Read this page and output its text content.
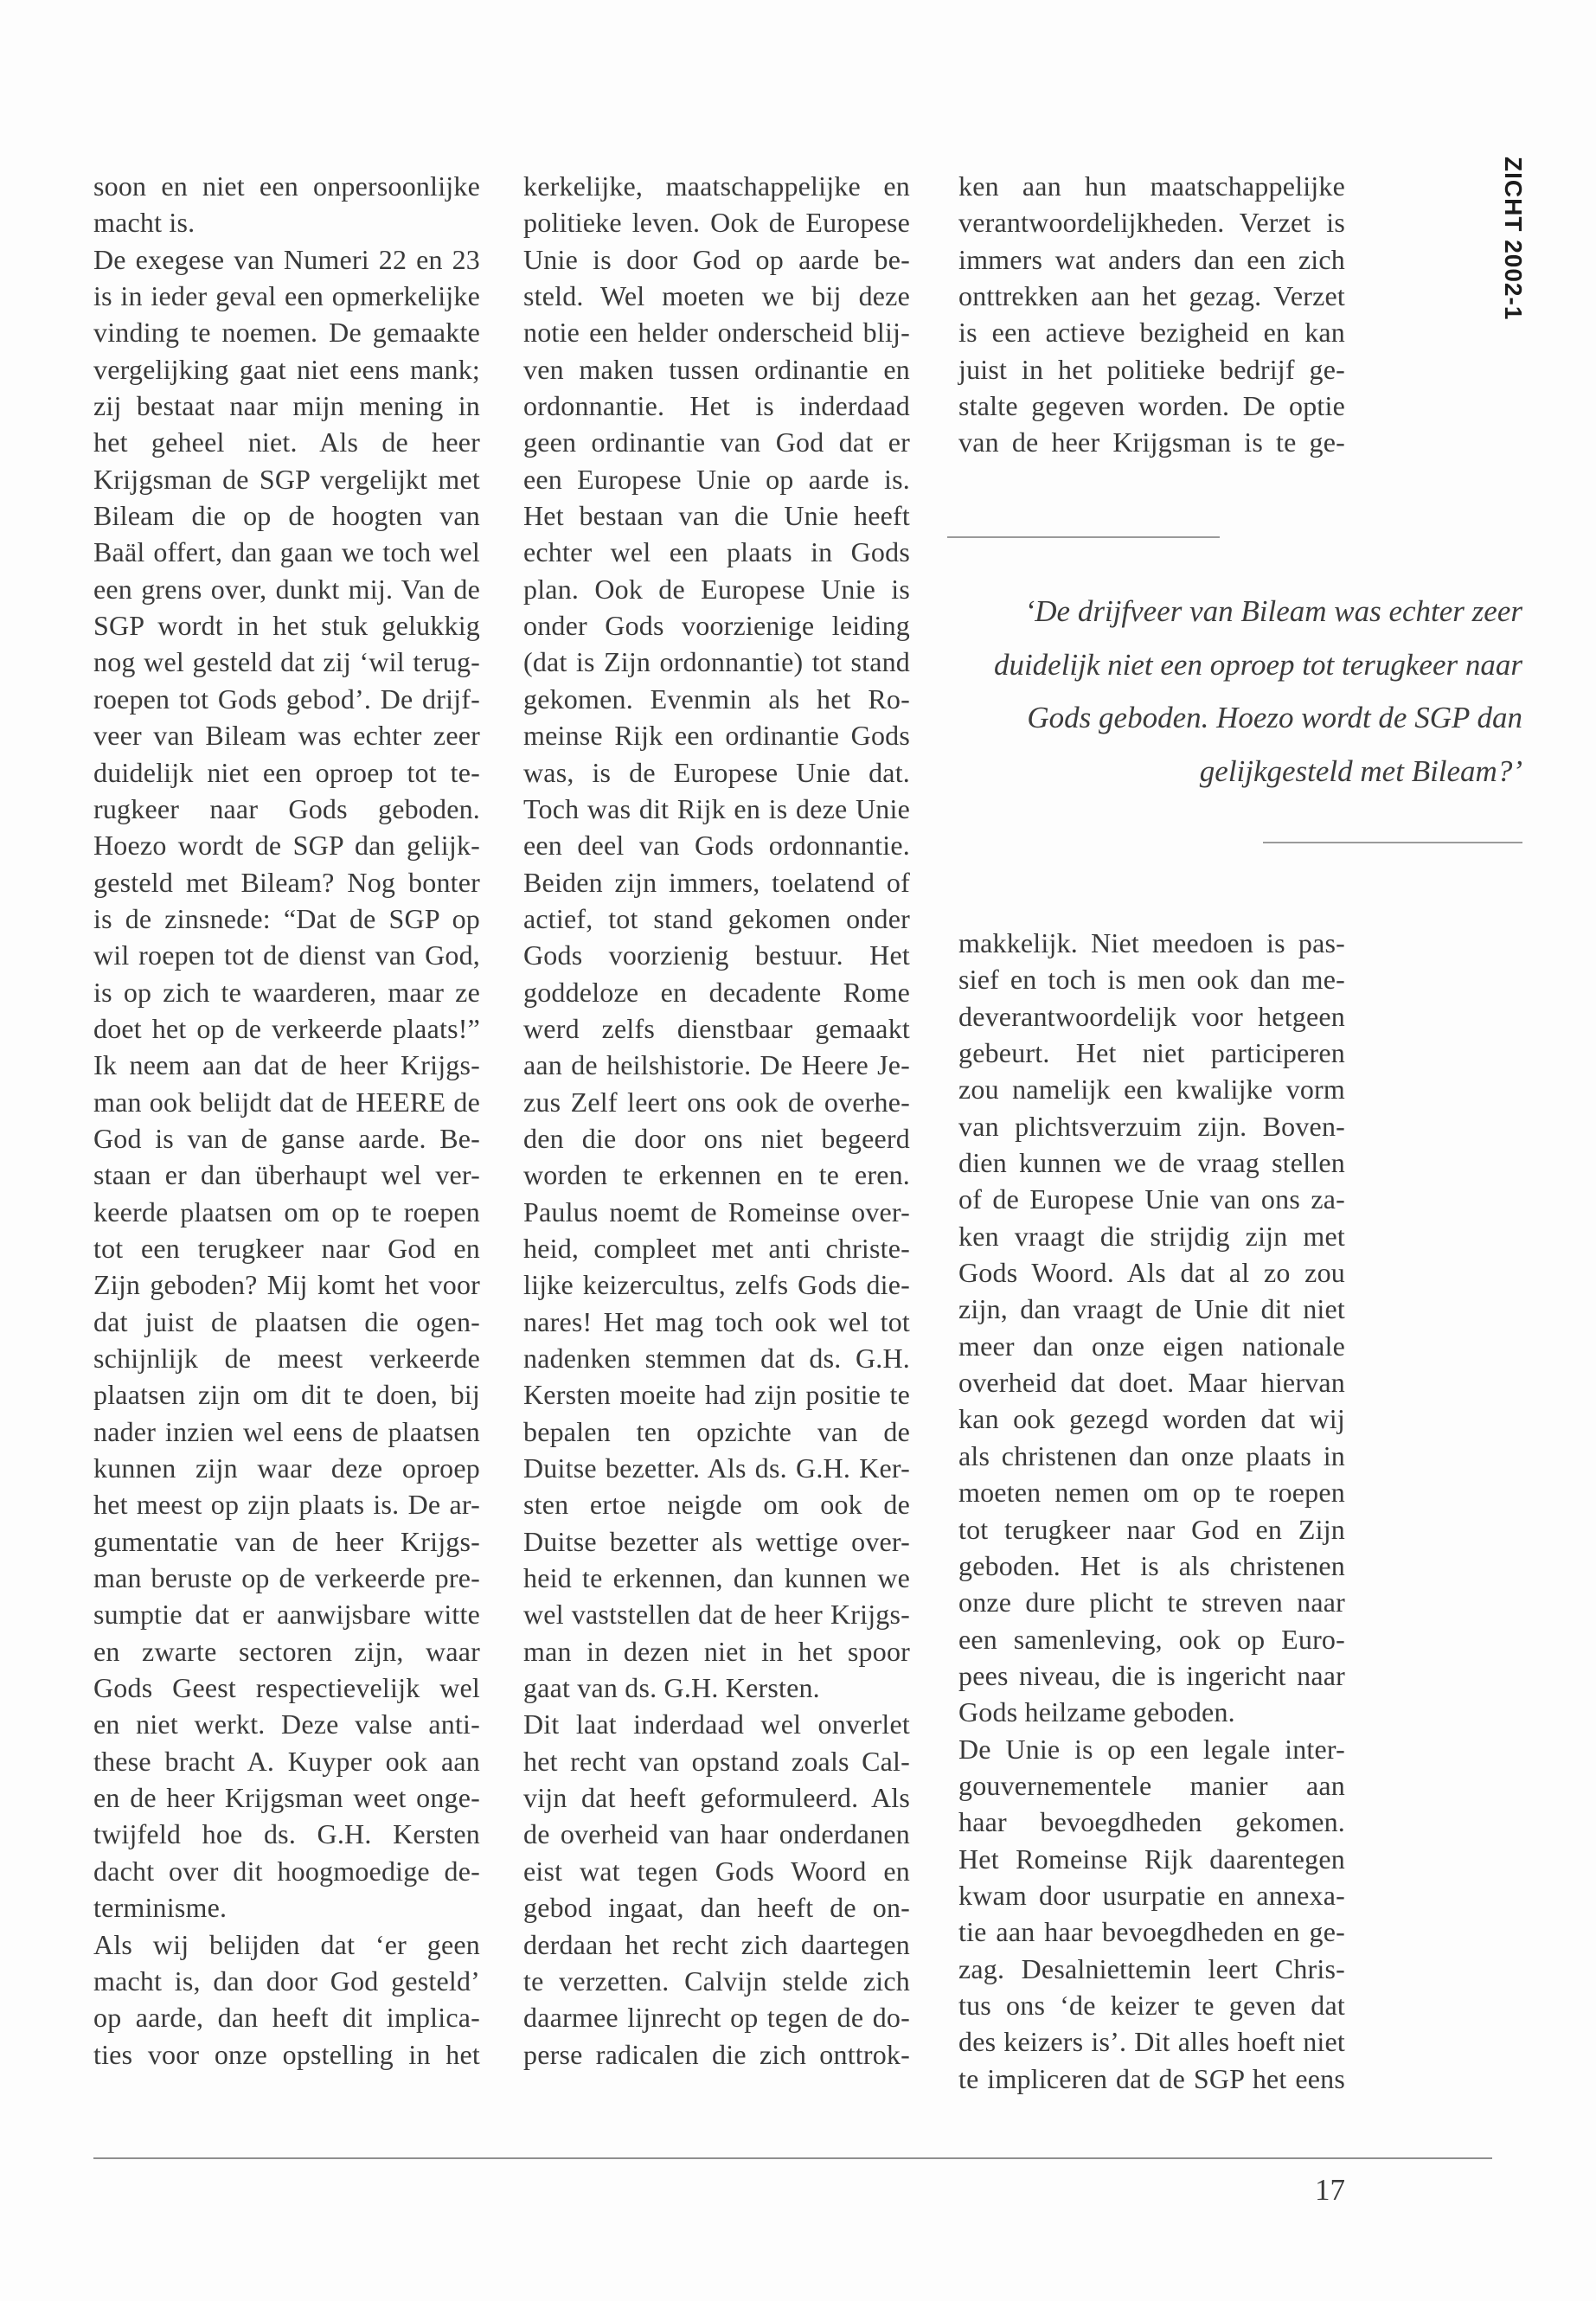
ZICHT 2002-1
soon en niet een onpersoonlijke
macht is.
De exegese van Numeri 22 en 23
is in ieder geval een opmerkelijke
vinding te noemen. De gemaakte
vergelijking gaat niet eens mank;
zij bestaat naar mijn mening in
het geheel niet. Als de heer
Krijgsman de SGP vergelijkt met
Bileam die op de hoogten van
Baäl offert, dan gaan we toch wel
een grens over, dunkt mij. Van de
SGP wordt in het stuk gelukkig
nog wel gesteld dat zij ‘wil terug-
roepen tot Gods gebod’. De drijf-
veer van Bileam was echter zeer
duidelijk niet een oproep tot te-
rugkeer naar Gods geboden.
Hoezo wordt de SGP dan gelijk-
gesteld met Bileam? Nog bonter
is de zinsnede: “Dat de SGP op
wil roepen tot de dienst van God,
is op zich te waarderen, maar ze
doet het op de verkeerde plaats!”
Ik neem aan dat de heer Krijgs-
man ook belijdt dat de HEERE de
God is van de ganse aarde. Be-
staan er dan überhaupt wel ver-
keerde plaatsen om op te roepen
tot een terugkeer naar God en
Zijn geboden? Mij komt het voor
dat juist de plaatsen die ogen-
schijnlijk de meest verkeerde
plaatsen zijn om dit te doen, bij
nader inzien wel eens de plaatsen
kunnen zijn waar deze oproep
het meest op zijn plaats is. De ar-
gumentatie van de heer Krijgs-
man beruste op de verkeerde pre-
sumptie dat er aanwijsbare witte
en zwarte sectoren zijn, waar
Gods Geest respectievelijk wel
en niet werkt. Deze valse anti-
these bracht A. Kuyper ook aan
en de heer Krijgsman weet onge-
twijfeld hoe ds. G.H. Kersten
dacht over dit hoogmoedige de-
terminisme.
Als wij belijden dat ‘er geen
macht is, dan door God gesteld’
op aarde, dan heeft dit implica-
ties voor onze opstelling in het
kerkelijke, maatschappelijke en
politieke leven. Ook de Europese
Unie is door God op aarde be-
steld. Wel moeten we bij deze
notie een helder onderscheid blij-
ven maken tussen ordinantie en
ordonnantie. Het is inderdaad
geen ordinantie van God dat er
een Europese Unie op aarde is.
Het bestaan van die Unie heeft
echter wel een plaats in Gods
plan. Ook de Europese Unie is
onder Gods voorzienige leiding
(dat is Zijn ordonnantie) tot stand
gekomen. Evenmin als het Ro-
meinse Rijk een ordinantie Gods
was, is de Europese Unie dat.
Toch was dit Rijk en is deze Unie
een deel van Gods ordonnantie.
Beiden zijn immers, toelatend of
actief, tot stand gekomen onder
Gods voorzienig bestuur. Het
goddeloze en decadente Rome
werd zelfs dienstbaar gemaakt
aan de heilshistorie. De Heere Je-
zus Zelf leert ons ook de overhe-
den die door ons niet begeerd
worden te erkennen en te eren.
Paulus noemt de Romeinse over-
heid, compleet met anti christe-
lijke keizercultus, zelfs Gods die-
nares! Het mag toch ook wel tot
nadenken stemmen dat ds. G.H.
Kersten moeite had zijn positie te
bepalen ten opzichte van de
Duitse bezetter. Als ds. G.H. Ker-
sten ertoe neigde om ook de
Duitse bezetter als wettige over-
heid te erkennen, dan kunnen we
wel vaststellen dat de heer Krijgs-
man in dezen niet in het spoor
gaat van ds. G.H. Kersten.
Dit laat inderdaad wel onverlet
het recht van opstand zoals Cal-
vijn dat heeft geformuleerd. Als
de overheid van haar onderdanen
eist wat tegen Gods Woord en
gebod ingaat, dan heeft de on-
derdaan het recht zich daartegen
te verzetten. Calvijn stelde zich
daarmee lijnrecht op tegen de do-
perse radicalen die zich onttrok-
ken aan hun maatschappelijke
verantwoordelijkheden. Verzet is
immers wat anders dan een zich
onttrekken aan het gezag. Verzet
is een actieve bezigheid en kan
juist in het politieke bedrijf ge-
stalte gegeven worden. De optie
van de heer Krijgsman is te ge-
‘De drijfveer van Bileam was echter zeer
duidelijk niet een oproep tot terugkeer naar
Gods geboden. Hoezo wordt de SGP dan
gelijkgesteld met Bileam?’
makkelijk. Niet meedoen is pas-
sief en toch is men ook dan me-
deverantwoordelijk voor hetgeen
gebeurt. Het niet participeren
zou namelijk een kwalijke vorm
van plichtsverzuim zijn. Boven-
dien kunnen we de vraag stellen
of de Europese Unie van ons za-
ken vraagt die strijdig zijn met
Gods Woord. Als dat al zo zou
zijn, dan vraagt de Unie dit niet
meer dan onze eigen nationale
overheid dat doet. Maar hiervan
kan ook gezegd worden dat wij
als christenen dan onze plaats in
moeten nemen om op te roepen
tot terugkeer naar God en Zijn
geboden. Het is als christenen
onze dure plicht te streven naar
een samenleving, ook op Euro-
pees niveau, die is ingericht naar
Gods heilzame geboden.
De Unie is op een legale inter-
gouvernementele manier aan
haar bevoegdheden gekomen.
Het Romeinse Rijk daarentegen
kwam door usurpatie en annexa-
tie aan haar bevoegdheden en ge-
zag. Desalniettemin leert Chris-
tus ons ‘de keizer te geven dat
des keizers is’. Dit alles hoeft niet
te impliceren dat de SGP het eens
17
